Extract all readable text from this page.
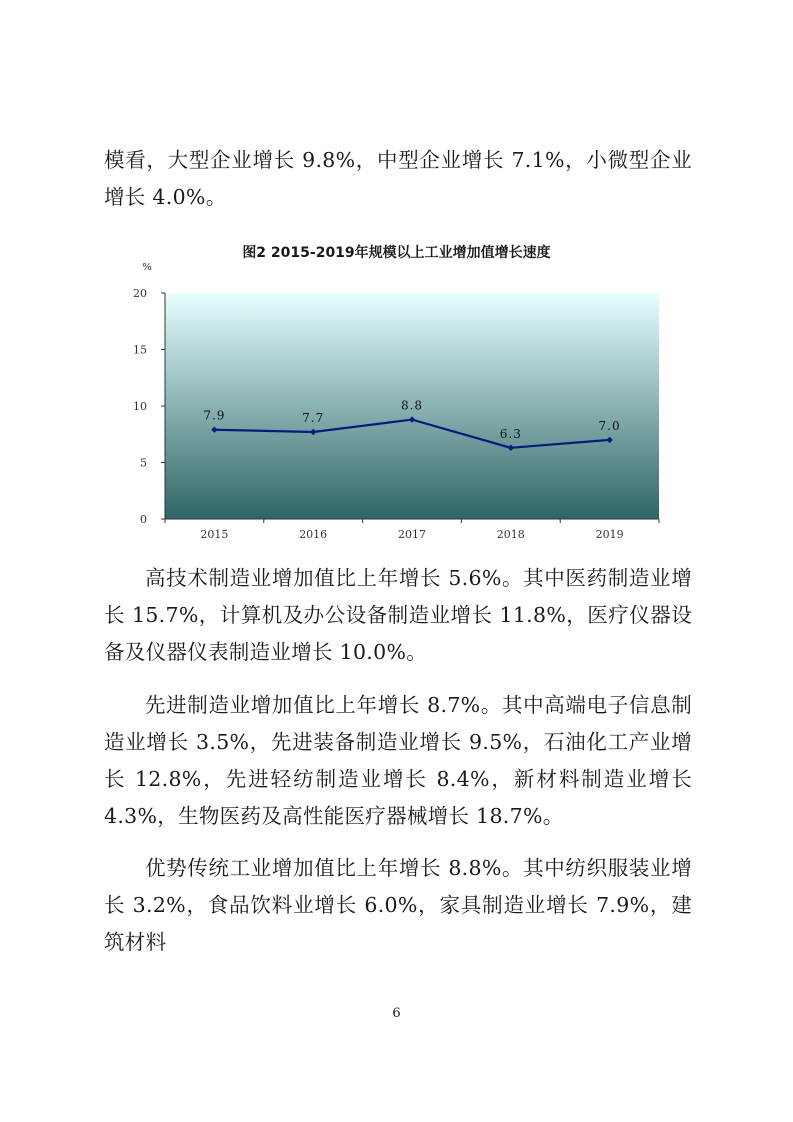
模看，大型企业增长 9.8%，中型企业增长 7.1%，小微型企业增长 4.0%。

图2 2015-2019年规模以上工业增加值增长速度
%
0
5
10
15
20
2015	2016	2017	2018	2019
7.9	7.7
8.8
6.3
7.0

高技术制造业增加值比上年增长 5.6%。其中医药制造业增长 15.7%，计算机及办公设备制造业增长 11.8%，医疗仪器设备及仪器仪表制造业增长 10.0%。

先进制造业增加值比上年增长 8.7%。其中高端电子信息制造业增长 3.5%，先进装备制造业增长 9.5%，石油化工产业增长 12.8%，先进轻纺制造业增长 8.4%，新材料制造业增长 4.3%，生物医药及高性能医疗器械增长 18.7%。

优势传统工业增加值比上年增长 8.8%。其中纺织服装业增长 3.2%，食品饮料业增长 6.0%，家具制造业增长 7.9%，建筑材料

6
